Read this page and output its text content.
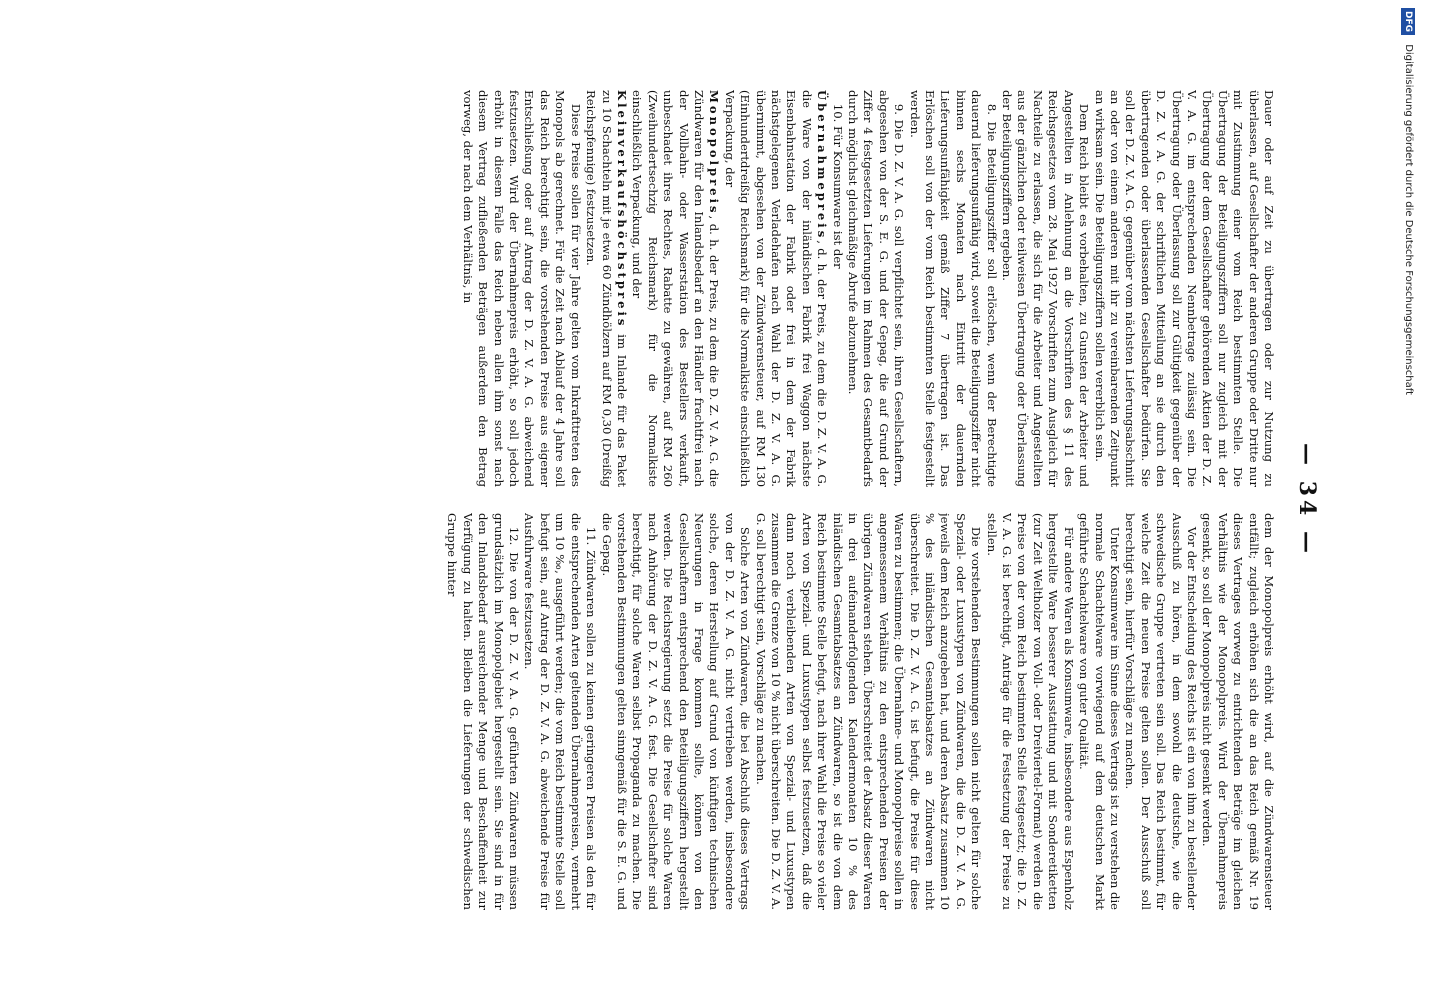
— 34 —

Dauer oder auf Zeit zu übertragen oder zur Nutzung zu überlassen, auf Gesellschafter der anderen Gruppe oder Dritte nur mit Zustimmung einer vom Reich bestimmten Stelle. Die Übertragung der Beteiligungsziffern soll nur zugleich mit der Übertragung der dem Gesellschafter gehörenden Aktien der D. Z. V. A. G. im entsprechenden Nennbetrage zulässig sein. Die Übertragung oder Überlassung soll zur Gültigkeit gegenüber der D. Z. V. A. G. der schriftlichen Mitteilung an sie durch den übertragenden oder überlassenden Gesellschafter bedürfen. Sie soll der D. Z. V. A. G. gegenüber vom nächsten Lieferungsabschnitt an oder von einem anderen mit ihr zu vereinbarenden Zeitpunkt an wirksam sein. Die Beteiligungsziffern sollen vererblich sein.

Dem Reich bleibt es vorbehalten, zu Gunsten der Arbeiter und Angestellten in Anlehnung an die Vorschriften des § 11 des Reichsgesetzes vom 28. Mai 1927 Vorschriften zum Ausgleich für Nachteile zu erlassen, die sich für die Arbeiter und Angestellten aus der gänzlichen oder teilweisen Übertragung oder Überlassung der Beteiligungsziffern ergeben.

8. Die Beteiligungsziffer soll erlöschen, wenn der Berechtigte dauernd lieferungsunfähig wird, soweit die Beteiligungsziffer nicht binnen sechs Monaten nach Eintritt der dauernden Lieferungsunfähigkeit gemäß Ziffer 7 übertragen ist. Das Erlöschen soll von der vom Reich bestimmten Stelle festgestellt werden.

9. Die D. Z. V. A. G. soll verpflichtet sein, ihren Gesellschaftern, abgesehen von der S. E. G. und der Gepag, die auf Grund der Ziffer 4 festgesetzten Lieferungen im Rahmen des Gesamtbedarfs durch möglichst gleichmäßige Abrufe abzunehmen.

10. Für Konsumware ist der

Übernahmepreis, d. h. der Preis, zu dem die D. Z. V. A. G. die Ware von der inländischen Fabrik frei Waggon nächste Eisenbahnstation der Fabrik oder frei in dem der Fabrik nächstgelegenen Verladehafen nach Wahl der D. Z. V. A. G. übernimmt, abgesehen von der Zündwarensteuer, auf RM 130 (Einhundertdreißig Reichsmark) für die Normalkiste einschließlich Verpackung, der

Monopolpreis, d. h. der Preis, zu dem die D. Z. V. A. G. die Zündwaren für den Inlandsbedarf an den Händler frachtfrei nach der Vollbahn- oder Wasserstation des Bestellers verkauft, unbeschadet ihres Rechtes, Rabatte zu gewähren, auf RM 260 (Zweihundertsechzig Reichsmark) für die Normalkiste einschließlich Verpackung, und der

Kleinverkaufshöchstpreis im Inlande für das Paket zu 10 Schachteln mit je etwa 60 Zündhölzern auf RM 0,30 (Dreißig Reichspfennige) festzusetzen.

Diese Preise sollen für vier Jahre gelten vom Inkrafttreten des Monopols ab gerechnet. Für die Zeit nach Ablauf der 4 Jahre soll das Reich berechtigt sein, die vorstehenden Preise aus eigener Entschließung oder auf Antrag der D. Z. V. A. G. abweichend festzusetzen. Wird der Übernahmepreis erhöht, so soll jedoch erhöht in diesem Falle das Reich neben allen ihm sonst nach diesem Vertrag zufließenden Beträgen außerdem den Betrag vorweg, der nach dem Verhältnis, in

dem der Monopolpreis erhöht wird, auf die Zündwarensteuer entfällt; zugleich erhöhen sich die an das Reich gemäß Nr. 19 dieses Vertrages vorweg zu entrichtenden Beträge im gleichen Verhältnis wie der Monopolpreis. Wird der Übernahmepreis gesenkt, so soll der Monopolpreis nicht gesenkt werden.

Vor der Entscheidung des Reichs ist ein von ihm zu bestellender Ausschuß zu hören, in dem sowohl die deutsche, wie die schwedische Gruppe vertreten sein soll. Das Reich bestimmt, für welche Zeit die neuen Preise gelten sollen. Der Ausschuß soll berechtigt sein, hierfür Vorschläge zu machen.

Unter Konsumware im Sinne dieses Vertrags ist zu verstehen die normale Schachtelware vorwiegend auf dem deutschen Markt geführte Schachtelware von guter Qualität.

Für andere Waren als Konsumware, insbesondere aus Espenholz hergestellte Ware besserer Ausstattung und mit Sonderetiketten (zur Zeit Weltholzer von Voll- oder Dreiviertel-Format) werden die Preise von der vom Reich bestimmten Stelle festgesetzt; die D. Z. V. A. G. ist berechtigt, Anträge für die Festsetzung der Preise zu stellen.

Die vorstehenden Bestimmungen sollen nicht gelten für solche Spezial- oder Luxustypen von Zündwaren, die die D. Z. V. A. G. jeweils dem Reich anzugeben hat, und deren Absatz zusammen 10 % des inländischen Gesamtabsatzes an Zündwaren nicht überschreitet. Die D. Z. V. A. G. ist befugt, die Preise für diese Waren zu bestimmen; die Übernahme- und Monopolpreise sollen in angemessenem Verhältnis zu den entsprechenden Preisen der übrigen Zündwaren stehen. Überschreitet der Absatz dieser Waren in drei aufeinanderfolgenden Kalendermonaten 10 % des inländischen Gesamtabsatzes an Zündwaren, so ist die von dem Reich bestimmte Stelle befugt, nach ihrer Wahl die Preise so vieler Arten von Spezial- und Luxustypen selbst festzusetzen, daß die dann noch verbleibenden Arten von Spezial- und Luxustypen zusammen die Grenze von 10 % nicht überschreiten. Die D. Z. V. A. G. soll berechtigt sein, Vorschläge zu machen.

Solche Arten von Zündwaren, die bei Abschluß dieses Vertrags von der D. Z. V. A. G. nicht vertrieben werden, insbesondere solche, deren Herstellung auf Grund von künftigen technischen Neuerungen in Frage kommen sollte, können von den Gesellschaftern entsprechend den Beteiligungsziffern hergestellt werden. Die Reichsregierung setzt die Preise für solche Waren nach Anhörung der D. Z. V. A. G. fest. Die Gesellschafter sind berechtigt, für solche Waren selbst Propaganda zu machen. Die vorstehenden Bestimmungen gelten sinngemäß für die S. E. G. und die Gepag.

11. Zündwaren sollen zu keinen geringeren Preisen als den für die entsprechenden Arten geltenden Übernahmepreisen, vermehrt um 10 ‰, ausgeführt werden; die vom Reich bestimmte Stelle soll befugt sein, auf Antrag der D. Z. V. A. G. abweichende Preise für Ausfuhrware festzusetzen.

12. Die von der D. Z. V. A. G. geführten Zündwaren müssen grundsätzlich im Monopolgebiet hergestellt sein. Sie sind in für den Inlandsbedarf ausreichender Menge und Beschaffenheit zur Verfügung zu halten. Bleiben die Lieferungen der schwedischen Gruppe hinter

DFG Digitalisierung gefördert durch die Deutsche Forschungsgemeinschaft
